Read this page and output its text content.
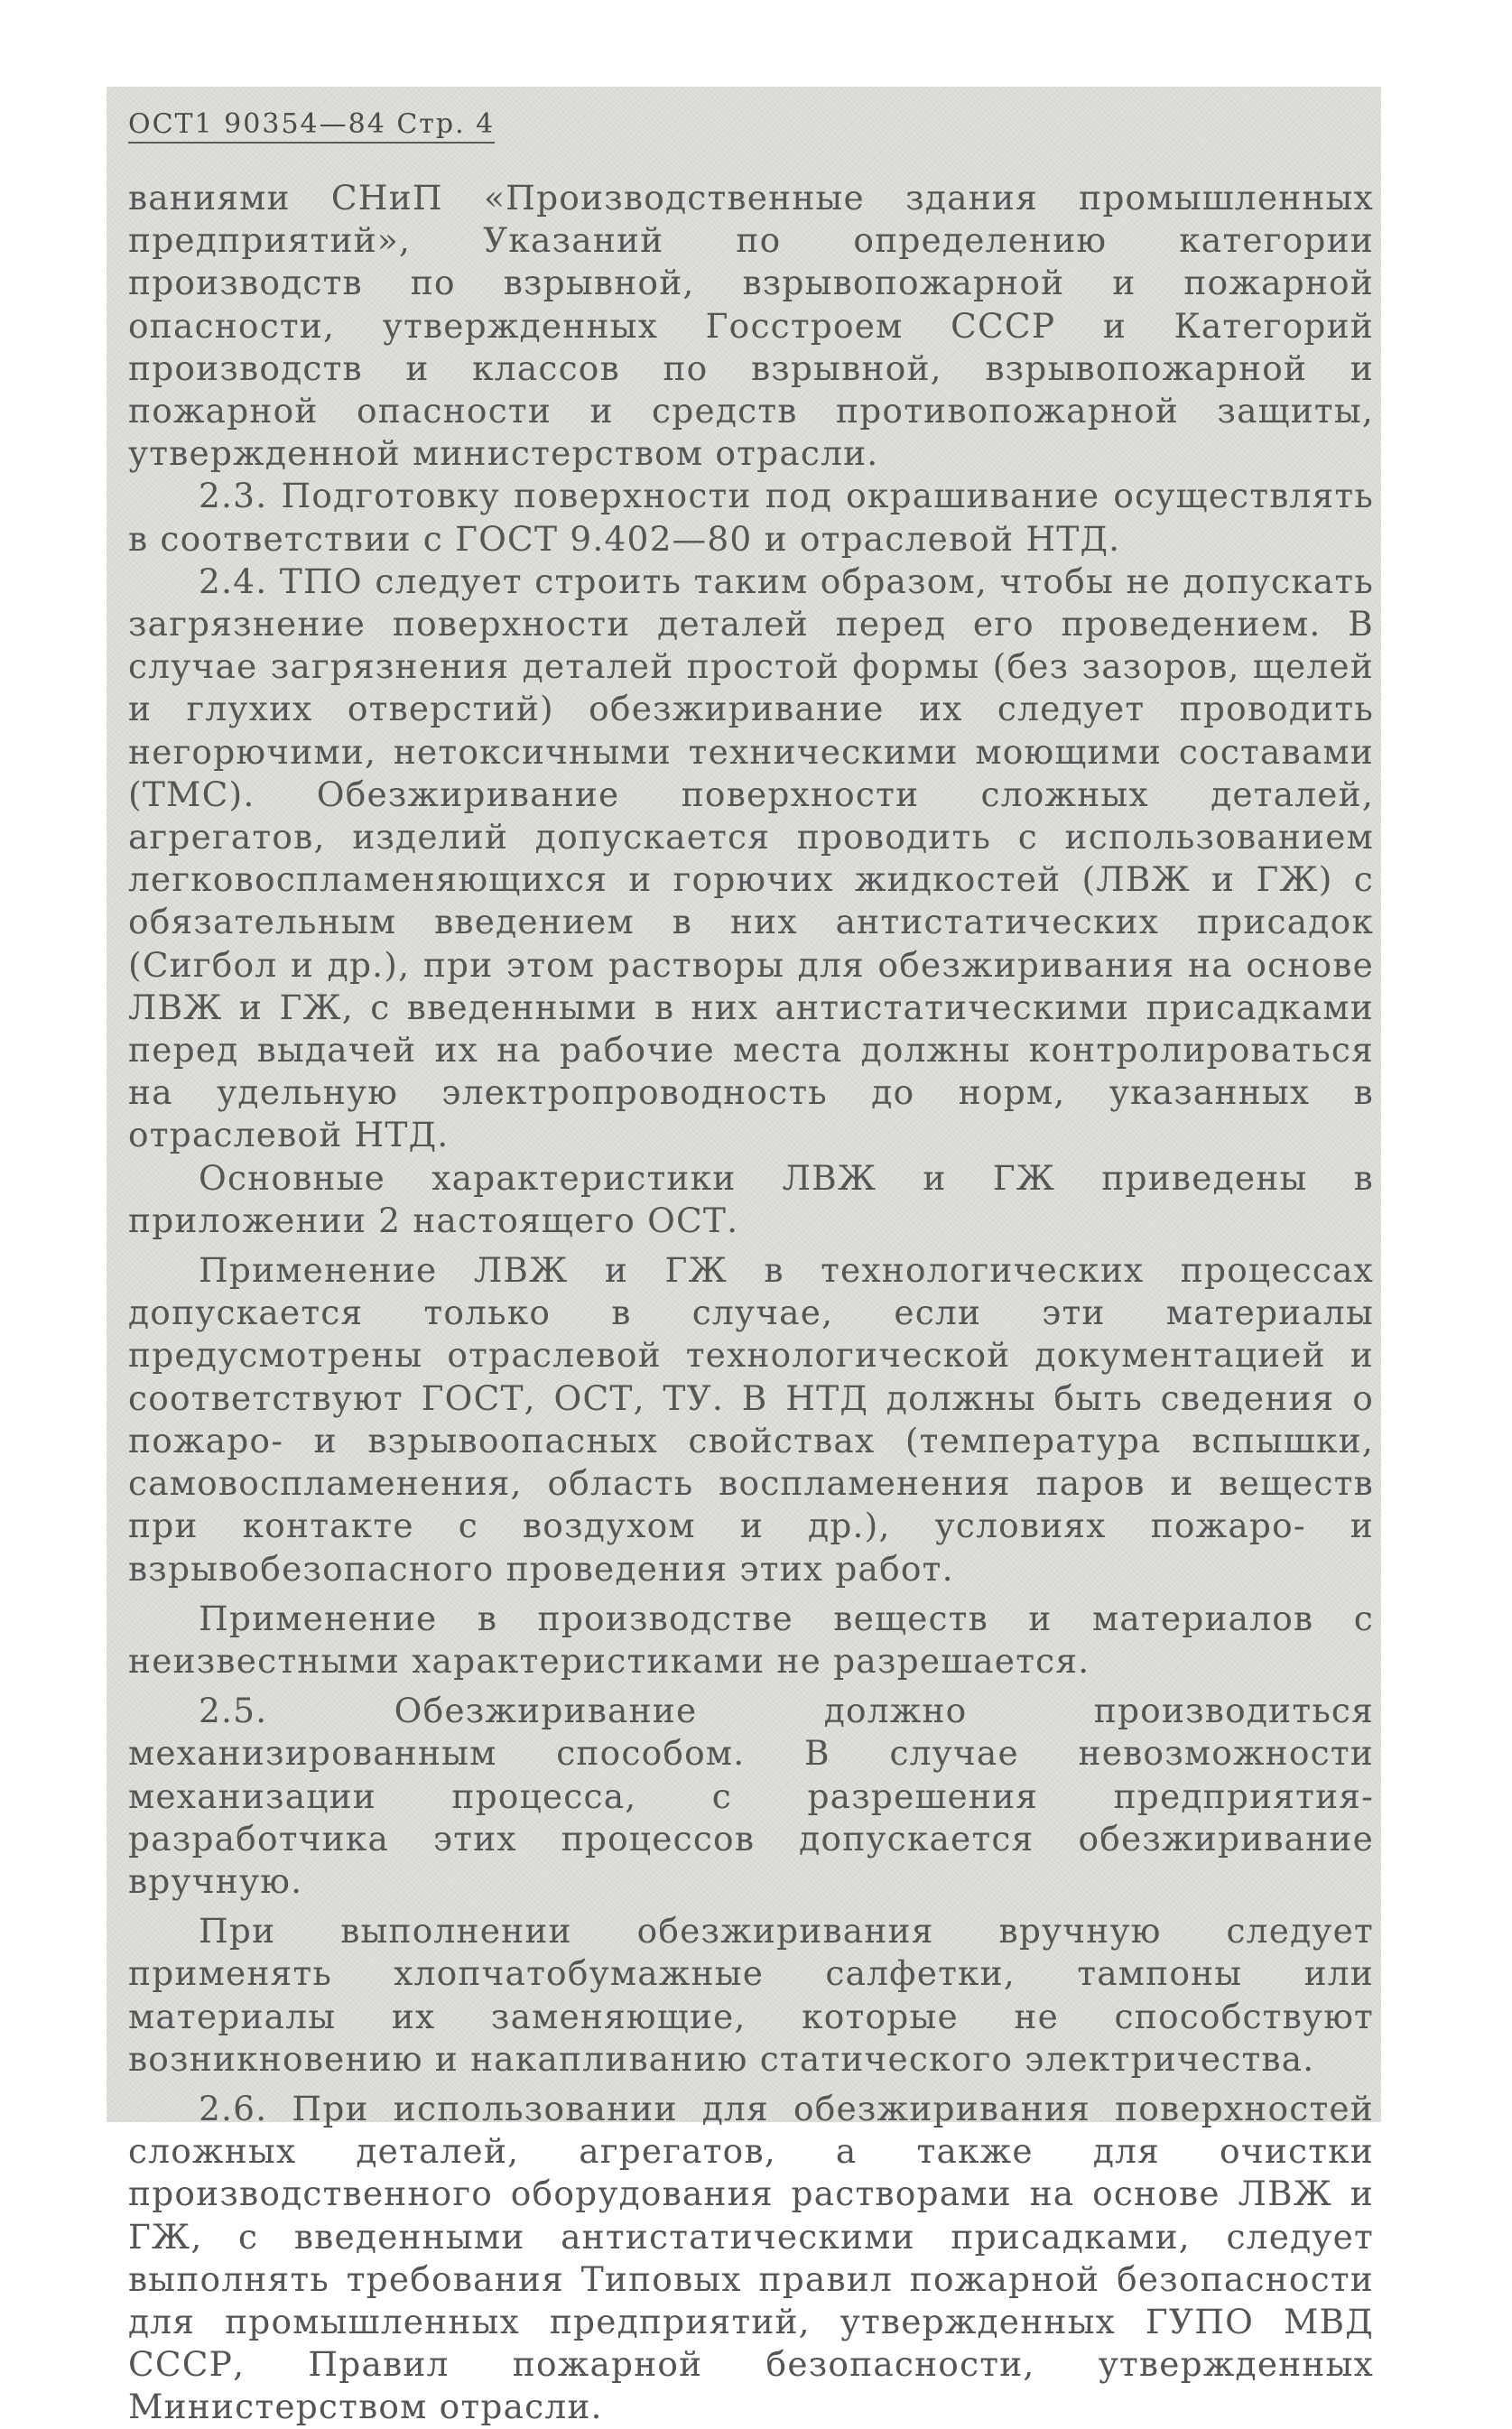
ОСТ1 90354—84 Стр. 4

ваниями СНиП «Производственные здания промышленных предприятий», Указаний по определению категории производств по взрывной, взрывопожарной и пожарной опасности, утвержденных Госстроем СССР и Категорий производств и классов по взрывной, взрывопожарной и пожарной опасности и средств противопожарной защиты, утвержденной министерством отрасли.

2.3. Подготовку поверхности под окрашивание осуществлять в соответствии с ГОСТ 9.402—80 и отраслевой НТД.

2.4. ТПО следует строить таким образом, чтобы не допускать загрязнение поверхности деталей перед его проведением. В случае загрязнения деталей простой формы (без зазоров, щелей и глухих отверстий) обезжиривание их следует проводить негорючими, нетоксичными техническими моющими составами (ТМС). Обезжиривание поверхности сложных деталей, агрегатов, изделий допускается проводить с использованием легковоспламеняющихся и горючих жидкостей (ЛВЖ и ГЖ) с обязательным введением в них антистатических присадок (Сигбол и др.), при этом растворы для обезжиривания на основе ЛВЖ и ГЖ, с введенными в них антистатическими присадками перед выдачей их на рабочие места должны контролироваться на удельную электропроводность до норм, указанных в отраслевой НТД.

Основные характеристики ЛВЖ и ГЖ приведены в приложении 2 настоящего ОСТ.

Применение ЛВЖ и ГЖ в технологических процессах допускается только в случае, если эти материалы предусмотрены отраслевой технологической документацией и соответствуют ГОСТ, ОСТ, ТУ. В НТД должны быть сведения о пожаро- и взрывоопасных свойствах (температура вспышки, самовоспламенения, область воспламенения паров и веществ при контакте с воздухом и др.), условиях пожаро- и взрывобезопасного проведения этих работ.

Применение в производстве веществ и материалов с неизвестными характеристиками не разрешается.

2.5. Обезжиривание должно производиться механизированным способом. В случае невозможности механизации процесса, с разрешения предприятия-разработчика этих процессов допускается обезжиривание вручную.

При выполнении обезжиривания вручную следует применять хлопчатобумажные салфетки, тампоны или материалы их заменяющие, которые не способствуют возникновению и накапливанию статического электричества.

2.6. При использовании для обезжиривания поверхностей сложных деталей, агрегатов, а также для очистки производственного оборудования растворами на основе ЛВЖ и ГЖ, с введенными антистатическими присадками, следует выполнять требования Типовых правил пожарной безопасности для промышленных предприятий, утвержденных ГУПО МВД СССР, Правил пожарной безопасности, утвержденных Министерством отрасли.
